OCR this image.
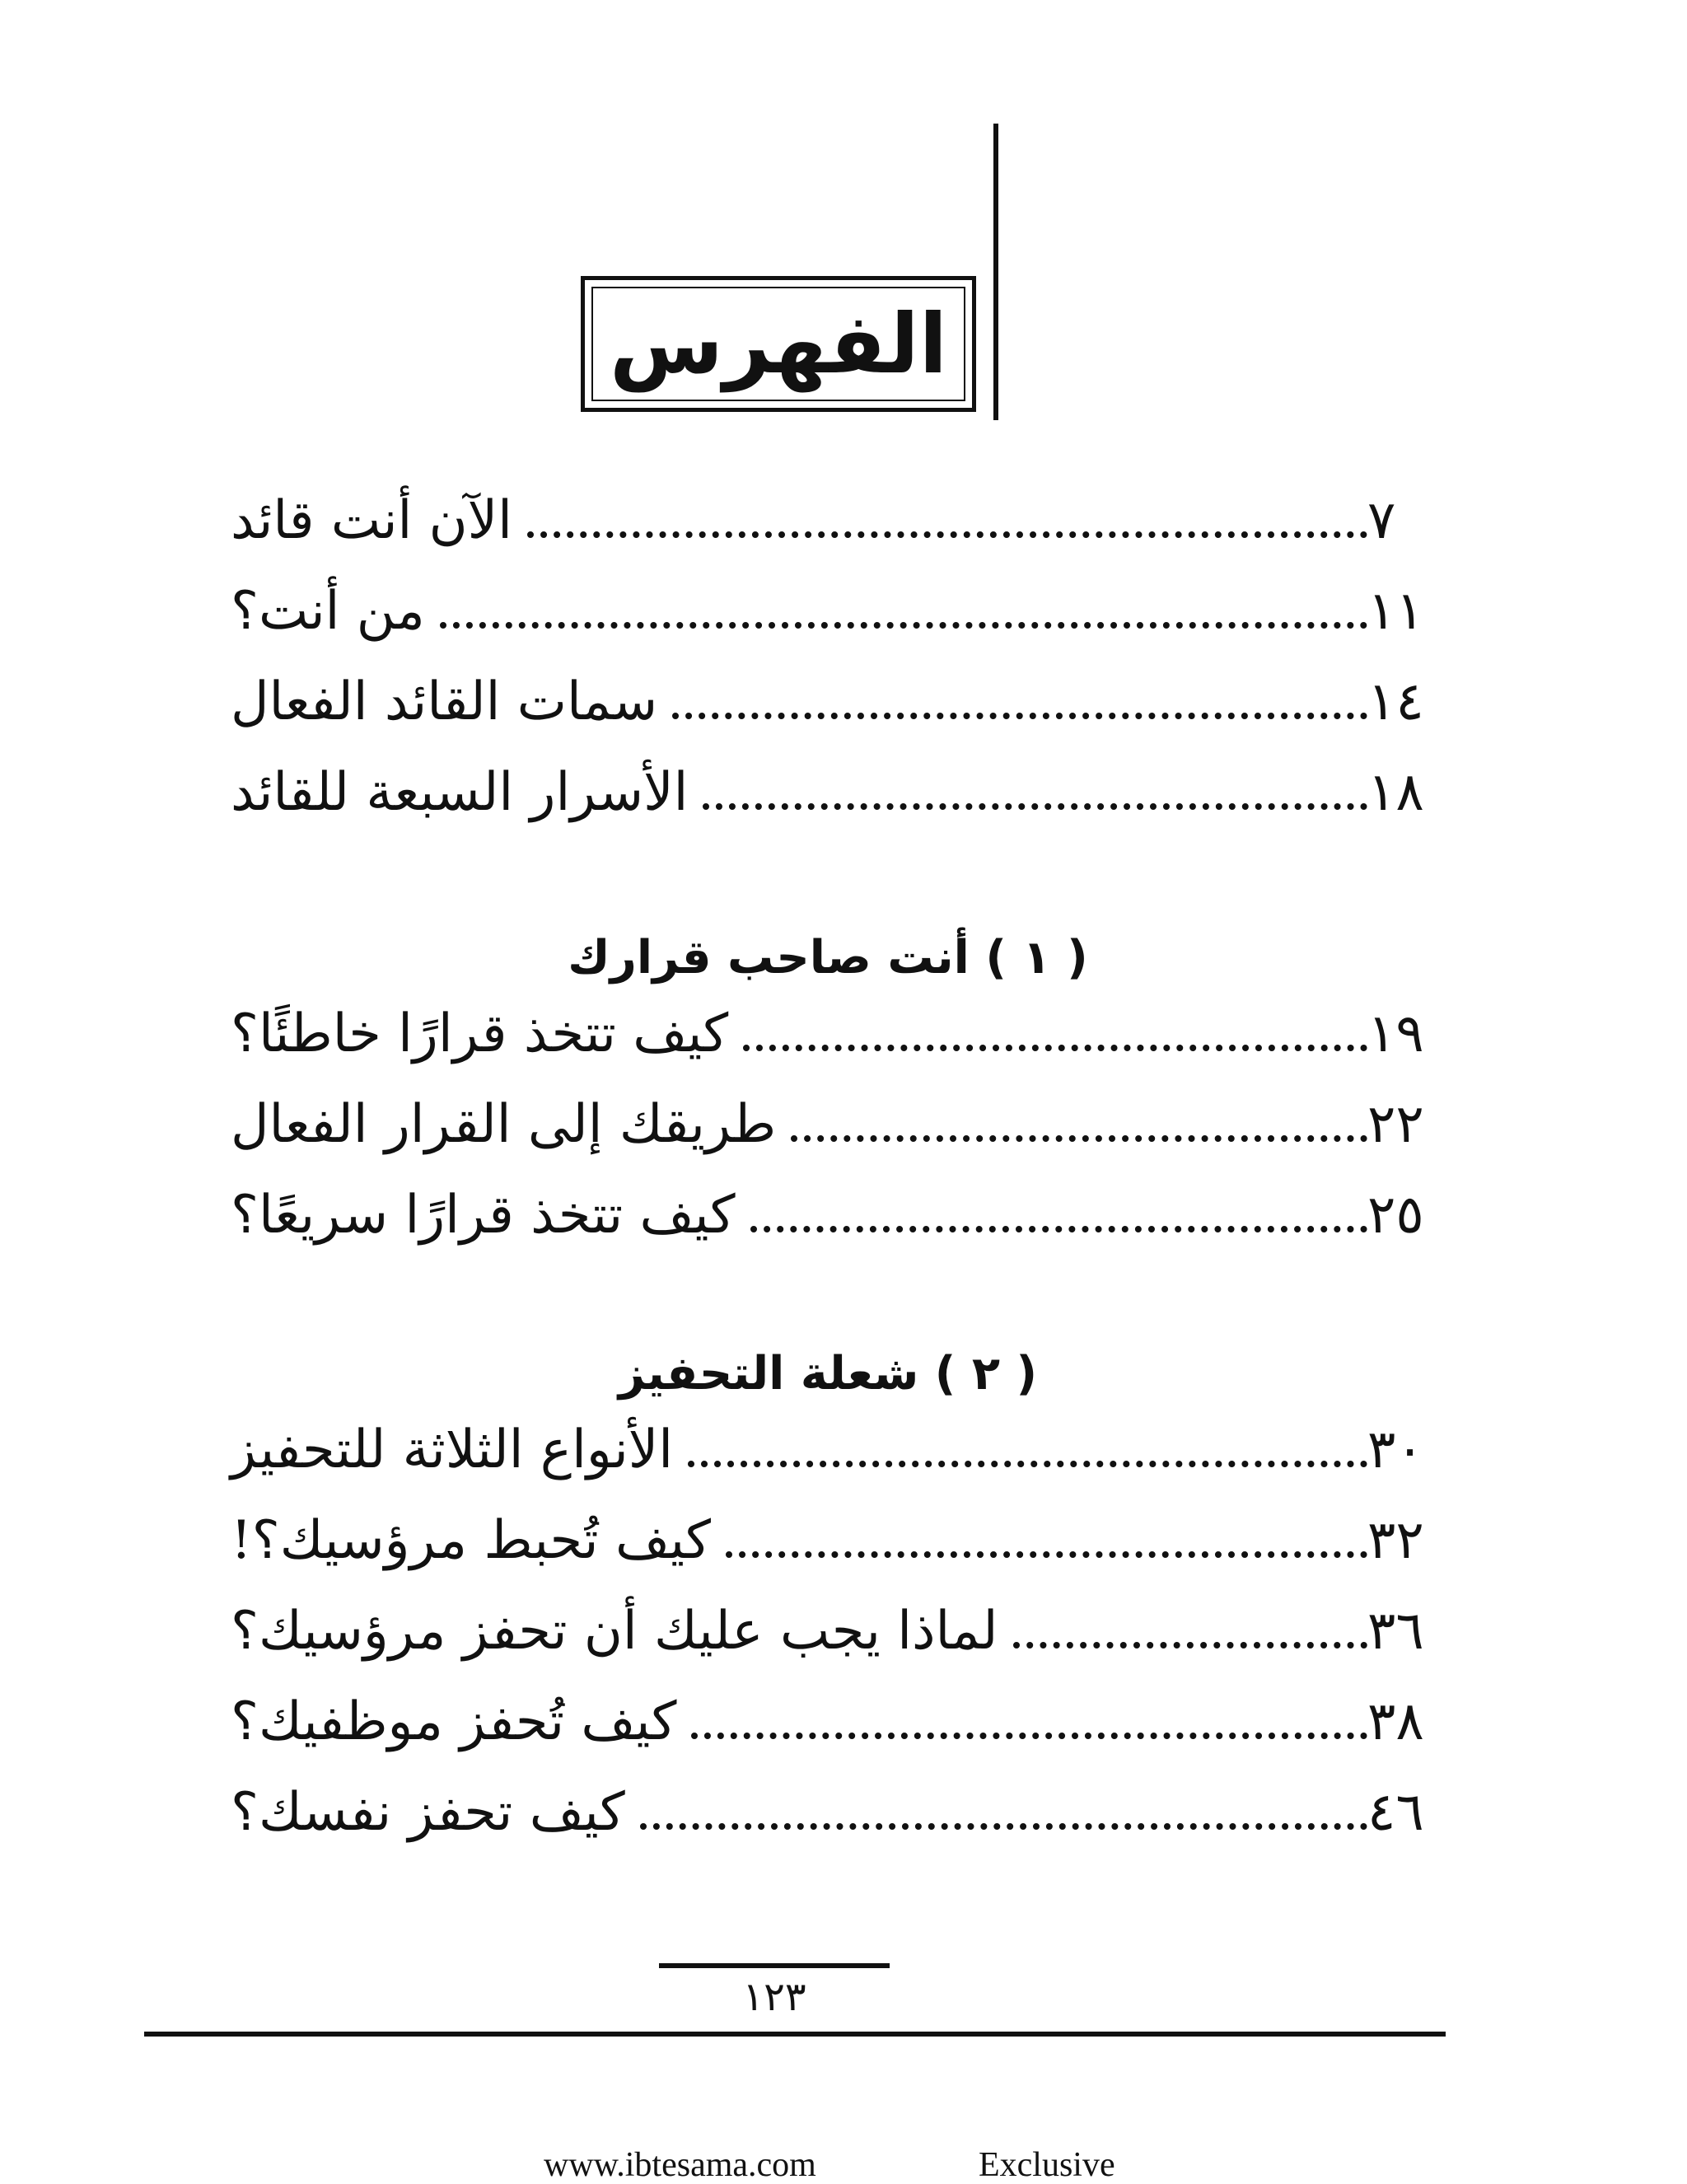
الفهرس
الآن أنت قائد	٧
من أنت؟	١١
سمات القائد الفعال	١٤
الأسرار السبعة للقائد	١٨
( ١ ) أنت صاحب قرارك
كيف تتخذ قرارًا خاطئًا؟	١٩
طريقك إلى القرار الفعال	٢٢
كيف تتخذ قرارًا سريعًا؟	٢٥
( ٢ ) شعلة التحفيز
الأنواع الثلاثة للتحفيز	٣٠
كيف تُحبط مرؤسيك؟!	٣٢
لماذا يجب عليك أن تحفز مرؤسيك؟	٣٦
كيف تُحفز موظفيك؟	٣٨
كيف تحفز نفسك؟	٤٦
١٢٣
www.ibtesama.com	Exclusive
